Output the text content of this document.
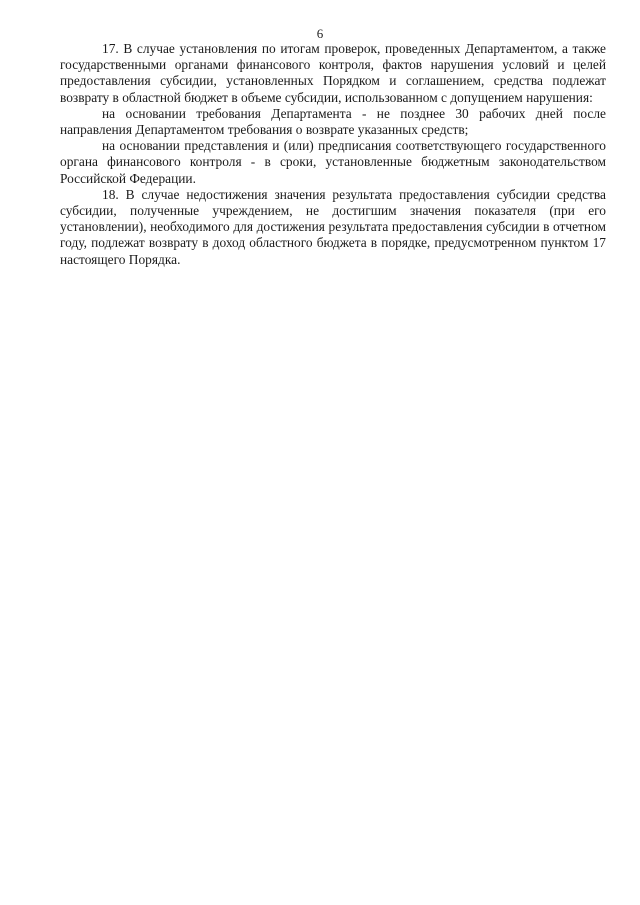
6

17. В случае установления по итогам проверок, проведенных Департаментом, а также государственными органами финансового контроля, фактов нарушения условий и целей предоставления субсидии, установленных Порядком и соглашением, средства подлежат возврату в областной бюджет в объеме субсидии, использованном с допущением нарушения:

на основании требования Департамента - не позднее 30 рабочих дней после направления Департаментом требования о возврате указанных средств;

на основании представления и (или) предписания соответствующего государственного органа финансового контроля - в сроки, установленные бюджетным законодательством Российской Федерации.

18. В случае недостижения значения результата предоставления субсидии средства субсидии, полученные учреждением, не достигшим значения показателя (при его установлении), необходимого для достижения результата предоставления субсидии в отчетном году, подлежат возврату в доход областного бюджета в порядке, предусмотренном пунктом 17 настоящего Порядка.
